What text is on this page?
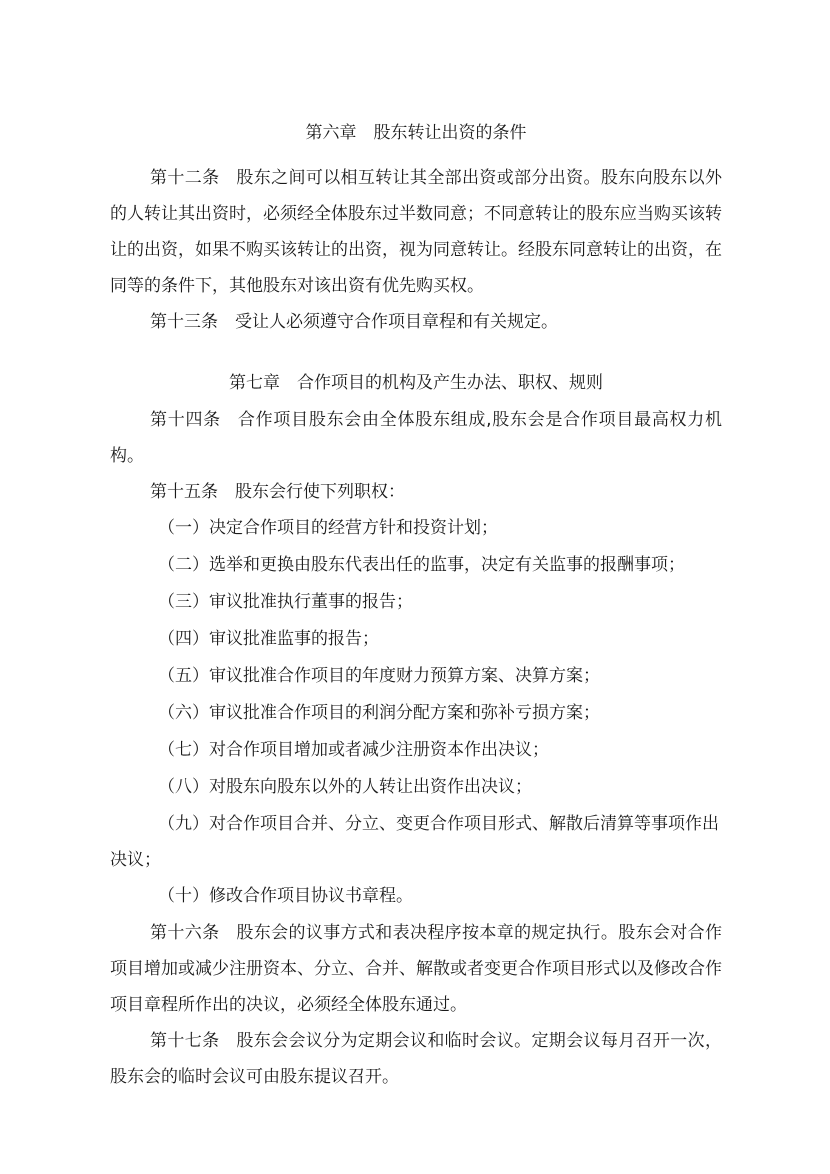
第六章　股东转让出资的条件
第十二条 股东之间可以相互转让其全部出资或部分出资。股东向股东以外的人转让其出资时，必须经全体股东过半数同意；不同意转让的股东应当购买该转让的出资，如果不购买该转让的出资，视为同意转让。经股东同意转让的出资，在同等的条件下，其他股东对该出资有优先购买权。
第十三条 受让人必须遵守合作项目章程和有关规定。
第七章　合作项目的机构及产生办法、职权、规则
第十四条 合作项目股东会由全体股东组成,股东会是合作项目最高权力机构。
第十五条 股东会行使下列职权：
（一）决定合作项目的经营方针和投资计划；
（二）选举和更换由股东代表出任的监事，决定有关监事的报酬事项；
（三）审议批准执行董事的报告；
（四）审议批准监事的报告；
（五）审议批准合作项目的年度财力预算方案、决算方案；
（六）审议批准合作项目的利润分配方案和弥补亏损方案；
（七）对合作项目增加或者减少注册资本作出决议；
（八）对股东向股东以外的人转让出资作出决议；
（九）对合作项目合并、分立、变更合作项目形式、解散后清算等事项作出决议；
（十）修改合作项目协议书章程。
第十六条 股东会的议事方式和表决程序按本章的规定执行。股东会对合作项目增加或减少注册资本、分立、合并、解散或者变更合作项目形式以及修改合作项目章程所作出的决议，必须经全体股东通过。
第十七条 股东会会议分为定期会议和临时会议。定期会议每月召开一次，股东会的临时会议可由股东提议召开。
